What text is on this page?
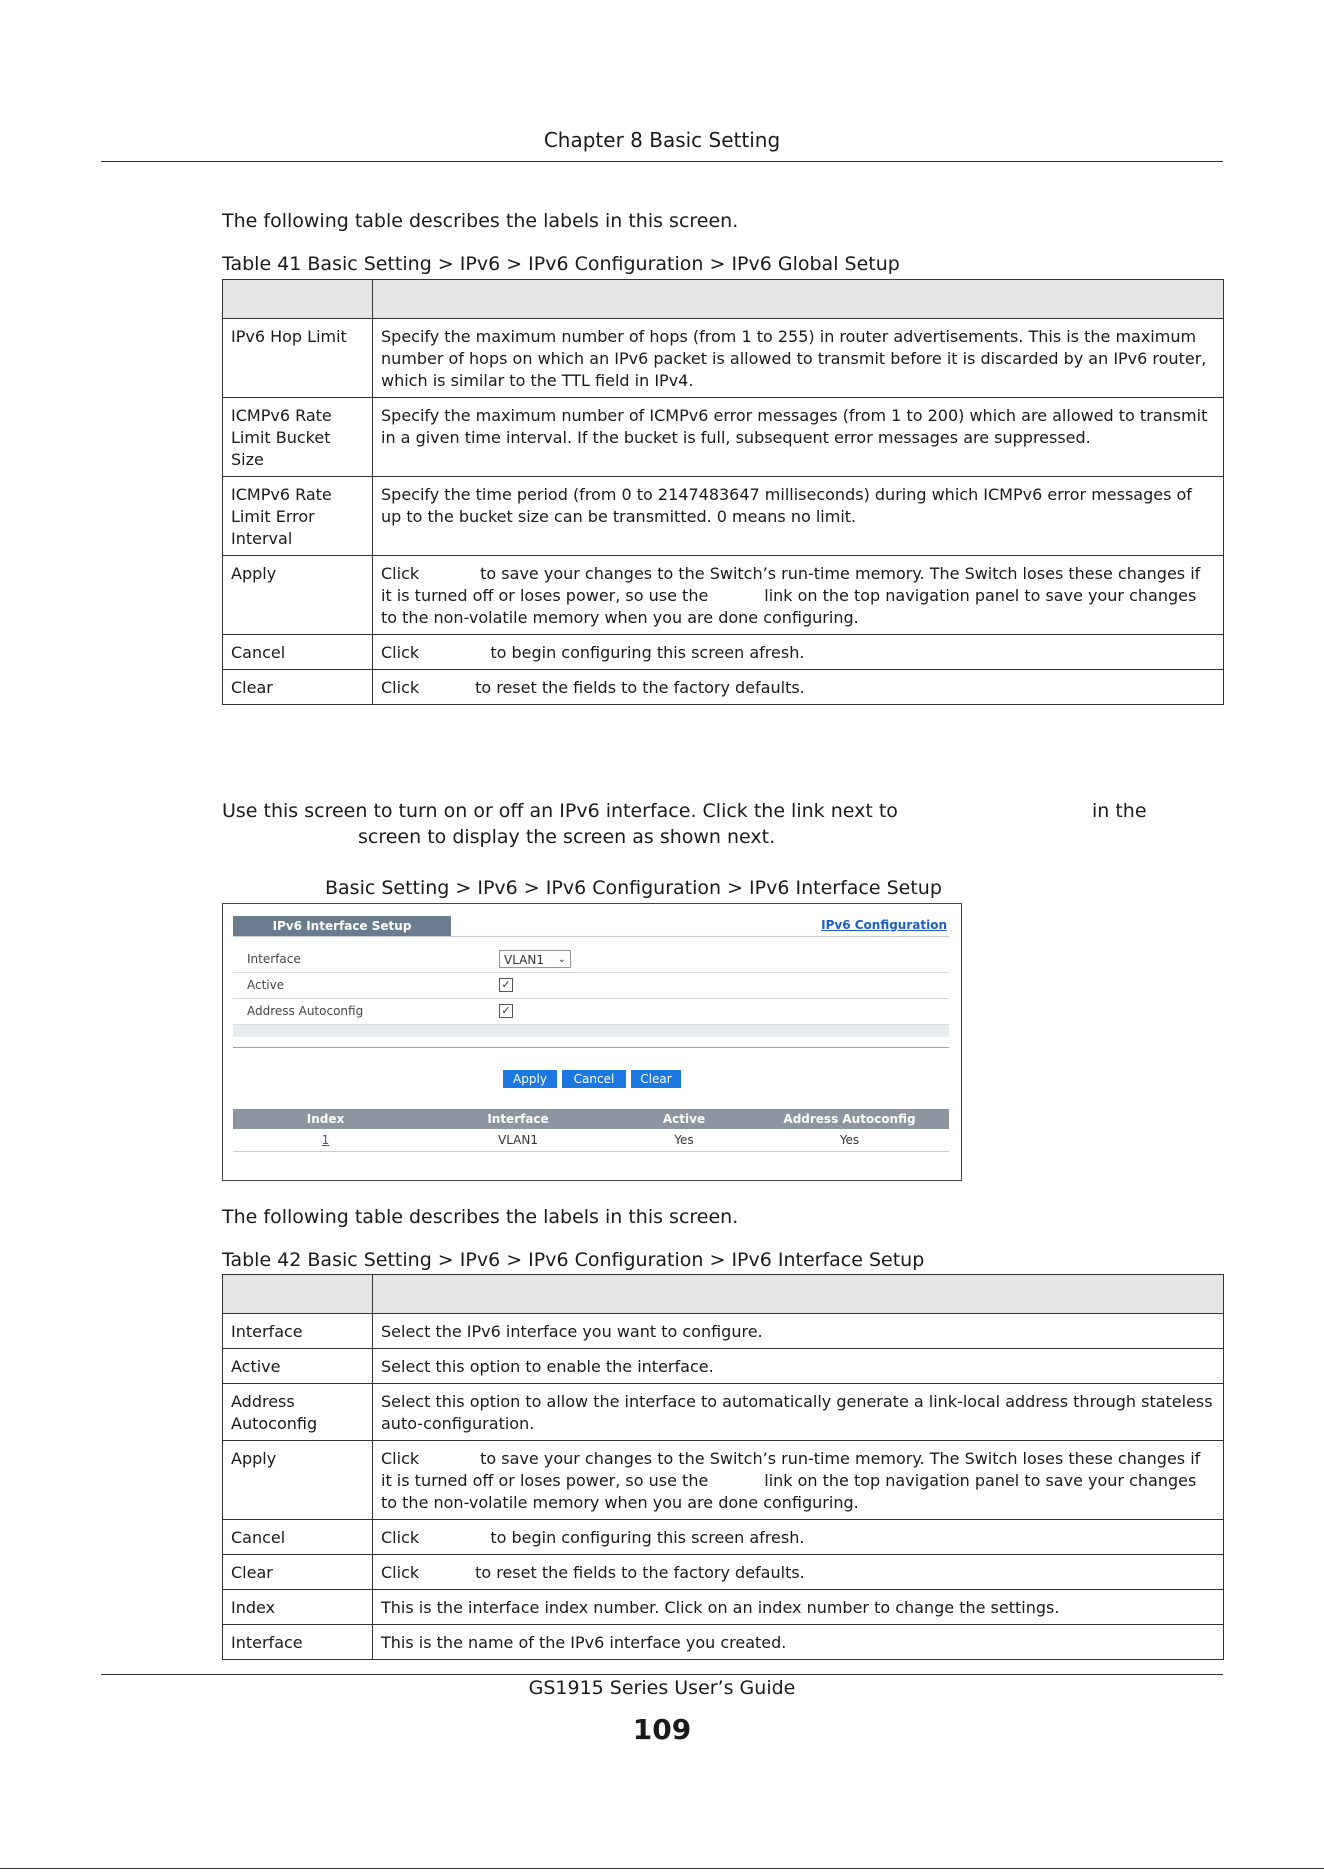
Chapter 8 Basic Setting
The following table describes the labels in this screen.
Table 41 Basic Setting > IPv6 > IPv6 Configuration > IPv6 Global Setup

IPv6 Hop Limit	Specify the maximum number of hops (from 1 to 255) in router advertisements. This is the maximum number of hops on which an IPv6 packet is allowed to transmit before it is discarded by an IPv6 router, which is similar to the TTL field in IPv4.
ICMPv6 Rate Limit Bucket Size	Specify the maximum number of ICMPv6 error messages (from 1 to 200) which are allowed to transmit in a given time interval. If the bucket is full, subsequent error messages are suppressed.
ICMPv6 Rate Limit Error Interval	Specify the time period (from 0 to 2147483647 milliseconds) during which ICMPv6 error messages of up to the bucket size can be transmitted. 0 means no limit.
Apply	Click            to save your changes to the Switch’s run-time memory. The Switch loses these changes if it is turned off or loses power, so use the           link on the top navigation panel to save your changes to the non-volatile memory when you are done configuring.
Cancel	Click              to begin configuring this screen afresh.
Clear	Click           to reset the fields to the factory defaults.
Use this screen to turn on or off an IPv6 interface. Click the link next to	in the
screen to display the screen as shown next.
Basic Setting > IPv6 > IPv6 Configuration > IPv6 Interface Setup
IPv6 Interface Setup	IPv6 Configuration
Interface	VLAN1 ⌄
Active	✓
Address Autoconfig	✓
Apply	Cancel	Clear
Index	Interface	Active	Address Autoconfig
1	VLAN1	Yes	Yes
The following table describes the labels in this screen.
Table 42 Basic Setting > IPv6 > IPv6 Configuration > IPv6 Interface Setup

Interface	Select the IPv6 interface you want to configure.
Active	Select this option to enable the interface.
Address Autoconfig	Select this option to allow the interface to automatically generate a link-local address through stateless auto-configuration.
Apply	Click            to save your changes to the Switch’s run-time memory. The Switch loses these changes if it is turned off or loses power, so use the           link on the top navigation panel to save your changes to the non-volatile memory when you are done configuring.
Cancel	Click              to begin configuring this screen afresh.
Clear	Click           to reset the fields to the factory defaults.
Index	This is the interface index number. Click on an index number to change the settings.
Interface	This is the name of the IPv6 interface you created.
GS1915 Series User’s Guide
109
